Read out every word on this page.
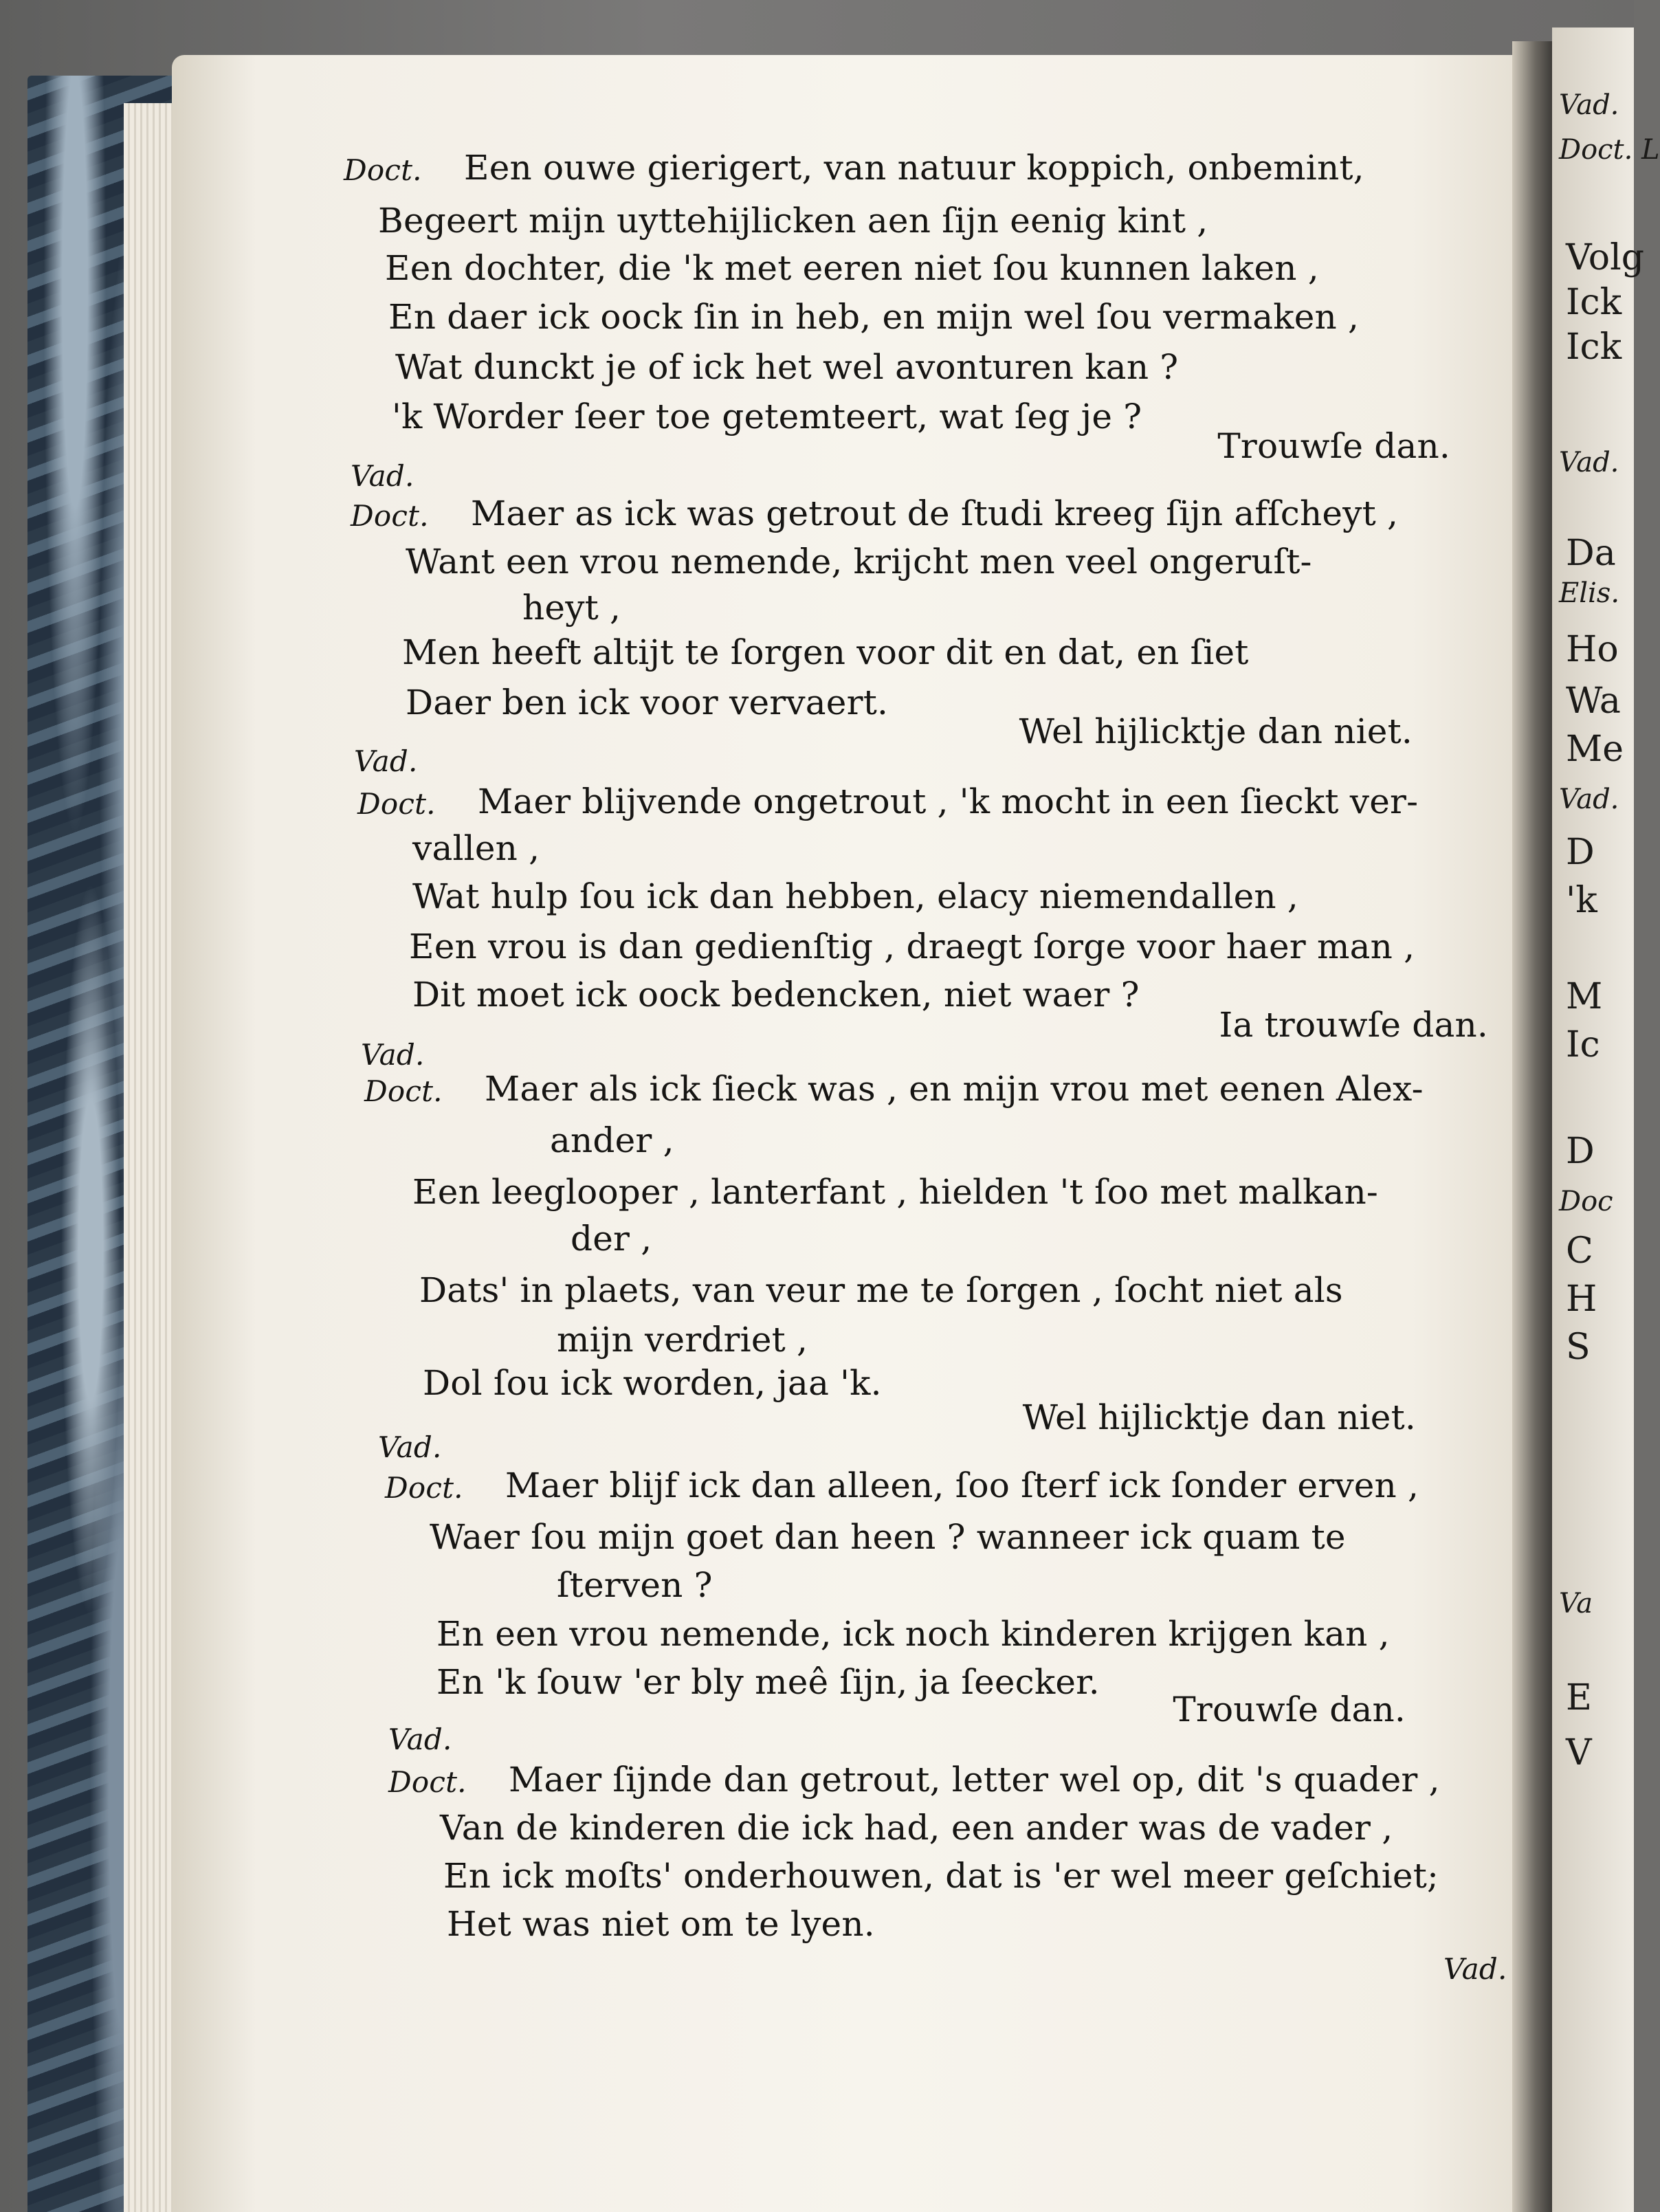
Vad.
Doct. L
Volg
Ick
Ick
Vad.
Da
Elis.
Ho
Wa
Me
Vad.
D
'k
M
Ic
D
Doc
C
H
S
Va
E
V
Doct. Een ouwe gierigert, van natuur koppich, onbemint,
Begeert mijn uyttehijlicken aen ſijn eenig kint ,
Een dochter, die 'k met eeren niet ſou kunnen laken ,
En daer ick oock ſin in heb, en mijn wel ſou vermaken ,
Wat dunckt je of ick het wel avonturen kan ?
'k Worder ſeer toe getemteert, wat ſeg je ?
Vad.
Trouwſe dan.
Doct. Maer as ick was getrout de ſtudi kreeg ſijn afſcheyt ,
Want een vrou nemende, krijcht men veel ongeruſt-
heyt ,
Men heeft altijt te ſorgen voor dit en dat, en ſiet
Daer ben ick voor vervaert.
Vad.
Wel hijlicktje dan niet.
Doct. Maer blijvende ongetrout , 'k mocht in een ſieckt ver-
vallen ,
Wat hulp ſou ick dan hebben, elacy niemendallen ,
Een vrou is dan gedienſtig , draegt ſorge voor haer man ,
Dit moet ick oock bedencken, niet waer ?
Vad.
Ia trouwſe dan.
Doct. Maer als ick ſieck was , en mijn vrou met eenen Alex-
ander ,
Een leeglooper , lanterfant , hielden 't ſoo met malkan-
der ,
Dats' in plaets, van veur me te ſorgen , ſocht niet als
mijn verdriet ,
Dol ſou ick worden, jaa 'k.
Vad.
Wel hijlicktje dan niet.
Doct. Maer blijf ick dan alleen, ſoo ſterf ick ſonder erven ,
Waer ſou mijn goet dan heen ? wanneer ick quam te
ſterven ?
En een vrou nemende, ick noch kinderen krijgen kan ,
En 'k ſouw 'er bly meê ſijn, ja ſeecker.
Vad.
Trouwſe dan.
Doct. Maer ſijnde dan getrout, letter wel op, dit 's quader ,
Van de kinderen die ick had, een ander was de vader ,
En ick moſts' onderhouwen, dat is 'er wel meer geſchiet;
Het was niet om te lyen.
Vad.
